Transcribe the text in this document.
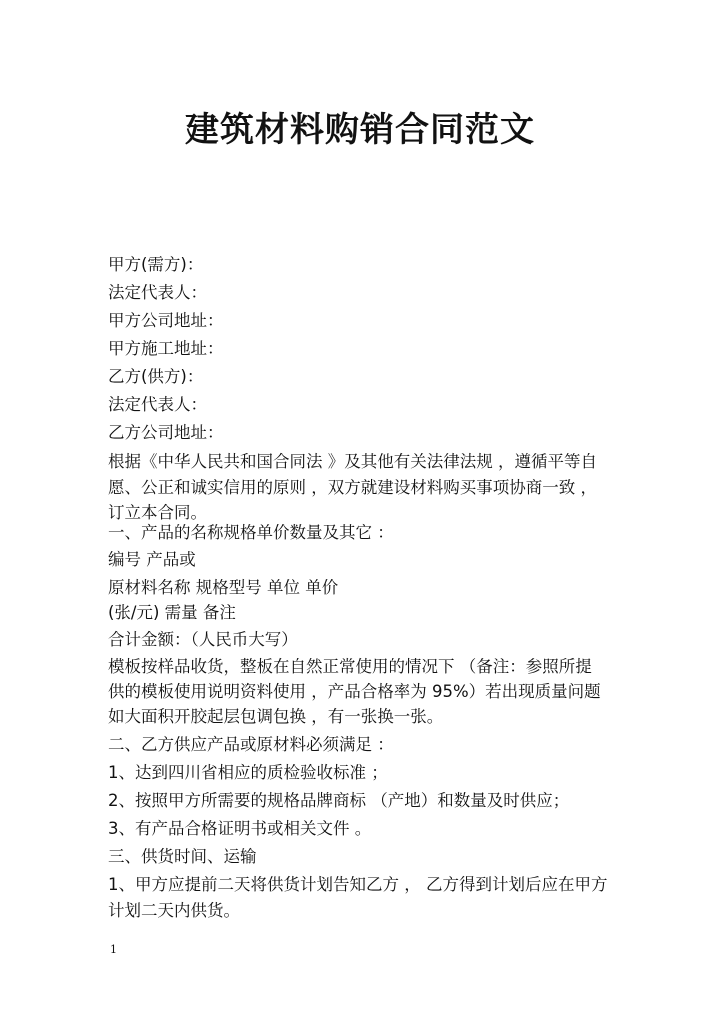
建筑材料购销合同范文
甲方(需方)：
法定代表人：
甲方公司地址：
甲方施工地址：
乙方(供方)：
法定代表人：
乙方公司地址：
根据《中华人民共和国合同法 》及其他有关法律法规 ，遵循平等自
愿、公正和诚实信用的原则 ，双方就建设材料购买事项协商一致 ，
订立本合同。
一、产品的名称规格单价数量及其它 ：
编号 产品或
原材料名称 规格型号 单位 单价
(张/元) 需量 备注
合计金额：（人民币大写）
模板按样品收货，整板在自然正常使用的情况下 （备注：参照所提
供的模板使用说明资料使用 ，产品合格率为 95%）若出现质量问题
如大面积开胶起层包调包换 ，有一张换一张。
二、乙方供应产品或原材料必须满足 ：
1、达到四川省相应的质检验收标准 ；
2、按照甲方所需要的规格品牌商标 （产地）和数量及时供应；
3、有产品合格证明书或相关文件 。
三、供货时间、运输
1、甲方应提前二天将供货计划告知乙方 ， 乙方得到计划后应在甲方
计划二天内供货。
1
